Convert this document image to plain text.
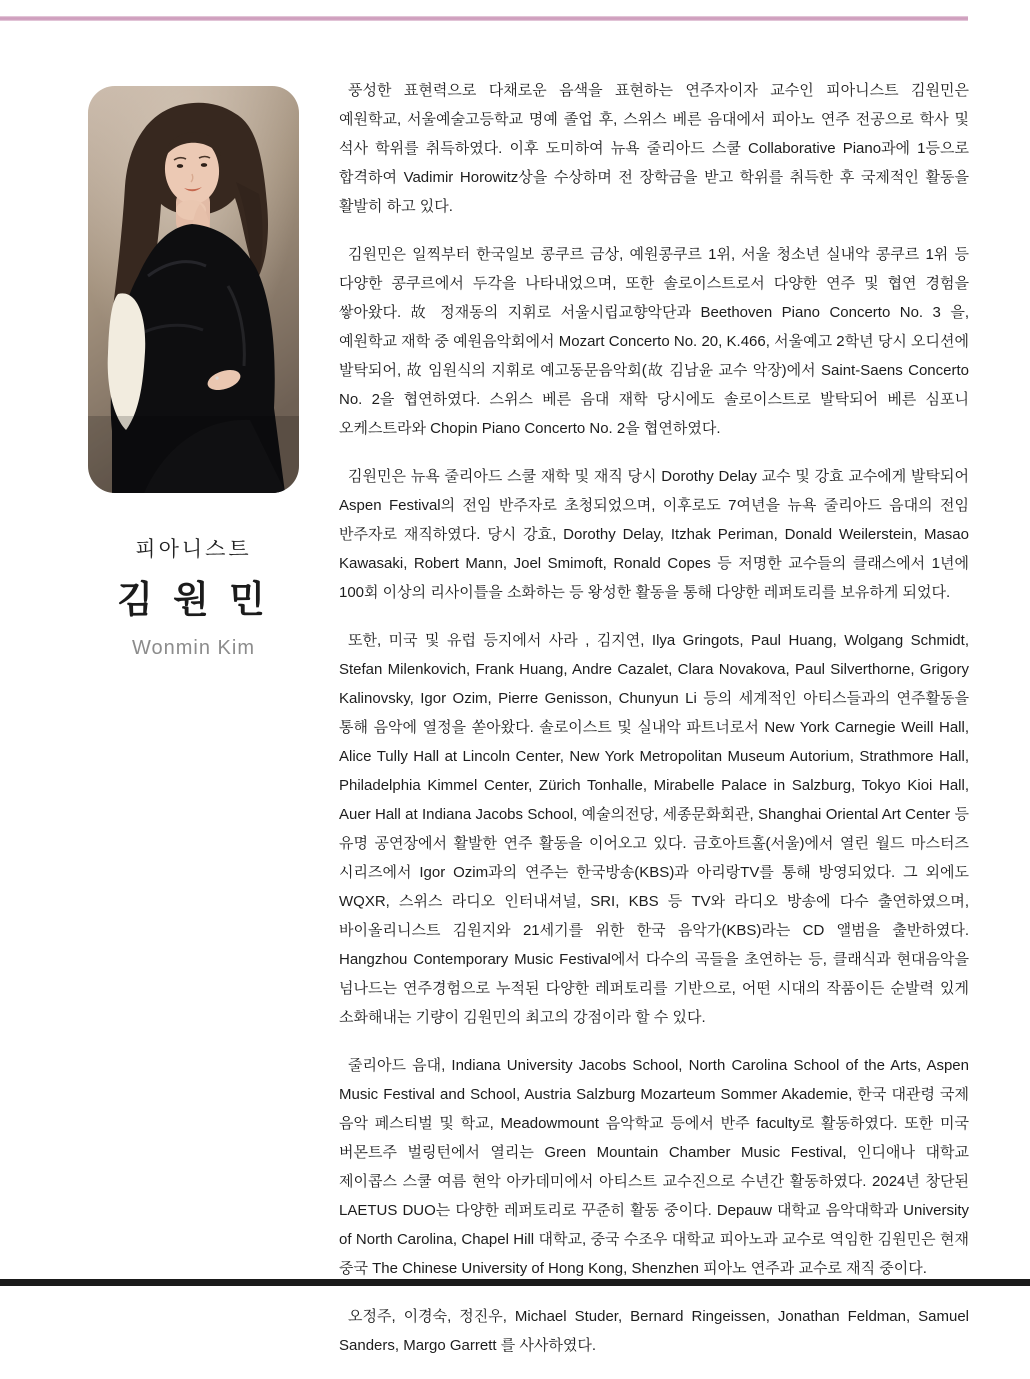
피아니스트
김 원 민
Wonmin Kim

풍성한 표현력으로 다채로운 음색을 표현하는 연주자이자 교수인 피아니스트 김원민은 예원학교, 서울예술고등학교 명예 졸업 후, 스위스 베른 음대에서 피아노 연주 전공으로 학사 및 석사 학위를 취득하였다. 이후 도미하여 뉴욕 줄리아드 스쿨 Collaborative Piano과에 1등으로 합격하여 Vadimir Horowitz상을 수상하며 전 장학금을 받고 학위를 취득한 후 국제적인 활동을 활발히 하고 있다.

김원민은 일찍부터 한국일보 콩쿠르 금상, 예원콩쿠르 1위, 서울 청소년 실내악 콩쿠르 1위 등 다양한 콩쿠르에서 두각을 나타내었으며, 또한 솔로이스트로서 다양한 연주 및 협연 경험을 쌓아왔다. 故 정재동의 지휘로 서울시립교향악단과 Beethoven Piano Concerto No. 3 을, 예원학교 재학 중 예원음악회에서 Mozart Concerto No. 20, K.466, 서울예고 2학년 당시 오디션에 발탁되어, 故 임원식의 지휘로 예고동문음악회(故 김남윤 교수 악장)에서 Saint-Saens Concerto No. 2을 협연하였다. 스위스 베른 음대 재학 당시에도 솔로이스트로 발탁되어 베른 심포니 오케스트라와 Chopin Piano Concerto No. 2을 협연하였다.

김원민은 뉴욕 줄리아드 스쿨 재학 및 재직 당시 Dorothy Delay 교수 및 강효 교수에게 발탁되어 Aspen Festival의 전임 반주자로 초청되었으며, 이후로도 7여년을 뉴욕 줄리아드 음대의 전임 반주자로 재직하였다. 당시 강효, Dorothy Delay, Itzhak Periman, Donald Weilerstein, Masao Kawasaki, Robert Mann, Joel Smimoft, Ronald Copes 등 저명한 교수들의 클래스에서 1년에 100회 이상의 리사이틀을 소화하는 등 왕성한 활동을 통해 다양한 레퍼토리를 보유하게 되었다.

또한, 미국 및 유럽 등지에서 사라 , 김지연, Ilya Gringots, Paul Huang, Wolgang Schmidt, Stefan Milenkovich, Frank Huang, Andre Cazalet, Clara Novakova, Paul Silverthorne, Grigory Kalinovsky, Igor Ozim, Pierre Genisson, Chunyun Li 등의 세계적인 아티스들과의 연주활동을 통해 음악에 열정을 쏟아왔다. 솔로이스트 및 실내악 파트너로서 New York Carnegie Weill Hall, Alice Tully Hall at Lincoln Center, New York Metropolitan Museum Autorium, Strathmore Hall, Philadelphia Kimmel Center, Zürich Tonhalle, Mirabelle Palace in Salzburg, Tokyo Kioi Hall, Auer Hall at Indiana Jacobs School, 예술의전당, 세종문화회관, Shanghai Oriental Art Center 등 유명 공연장에서 활발한 연주 활동을 이어오고 있다. 금호아트홀(서울)에서 열린 월드 마스터즈 시리즈에서 Igor Ozim과의 연주는 한국방송(KBS)과 아리랑TV를 통해 방영되었다. 그 외에도 WQXR, 스위스 라디오 인터내셔널, SRI, KBS 등 TV와 라디오 방송에 다수 출연하였으며, 바이올리니스트 김원지와 21세기를 위한 한국 음악가(KBS)라는 CD 앨범을 출반하였다. Hangzhou Contemporary Music Festival에서 다수의 곡들을 초연하는 등, 클래식과 현대음악을 넘나드는 연주경험으로 누적된 다양한 레퍼토리를 기반으로, 어떤 시대의 작품이든 순발력 있게 소화해내는 기량이 김원민의 최고의 강점이라 할 수 있다.

줄리아드 음대, Indiana University Jacobs School, North Carolina School of the Arts, Aspen Music Festival and School, Austria Salzburg Mozarteum Sommer Akademie, 한국 대관령 국제 음악 페스티벌 및 학교, Meadowmount 음악학교 등에서 반주 faculty로 활동하였다. 또한 미국 버몬트주 벌링턴에서 열리는 Green Mountain Chamber Music Festival, 인디애나 대학교 제이콥스 스쿨 여름 현악 아카데미에서 아티스트 교수진으로 수년간 활동하였다. 2024년 창단된 LAETUS DUO는 다양한 레퍼토리로 꾸준히 활동 중이다. Depauw 대학교 음악대학과 University of North Carolina, Chapel Hill 대학교, 중국 수조우 대학교 피아노과 교수로 역임한 김원민은 현재 중국 The Chinese University of Hong Kong, Shenzhen 피아노 연주과 교수로 재직 중이다.

오정주, 이경숙, 정진우, Michael Studer, Bernard Ringeissen, Jonathan Feldman, Samuel Sanders, Margo Garrett 를 사사하였다.
